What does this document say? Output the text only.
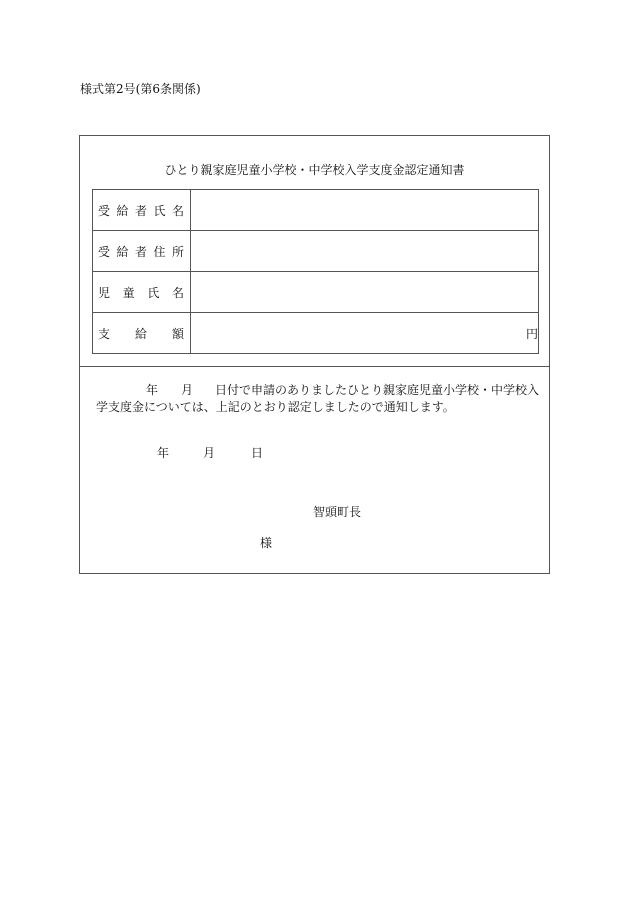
様式第2号(第6条関係)
ひとり親家庭児童小学校・中学校入学支度金認定通知書
受 給 者 氏 名	

受 給 者 住 所	

児 童 氏 名	

支 給 額	円

年 月 日付で申請のありましたひとり親家庭児童小学校・中学校入学支度金については、上記のとおり認定しましたので通知します。

年	月	日
智頭町長
様
